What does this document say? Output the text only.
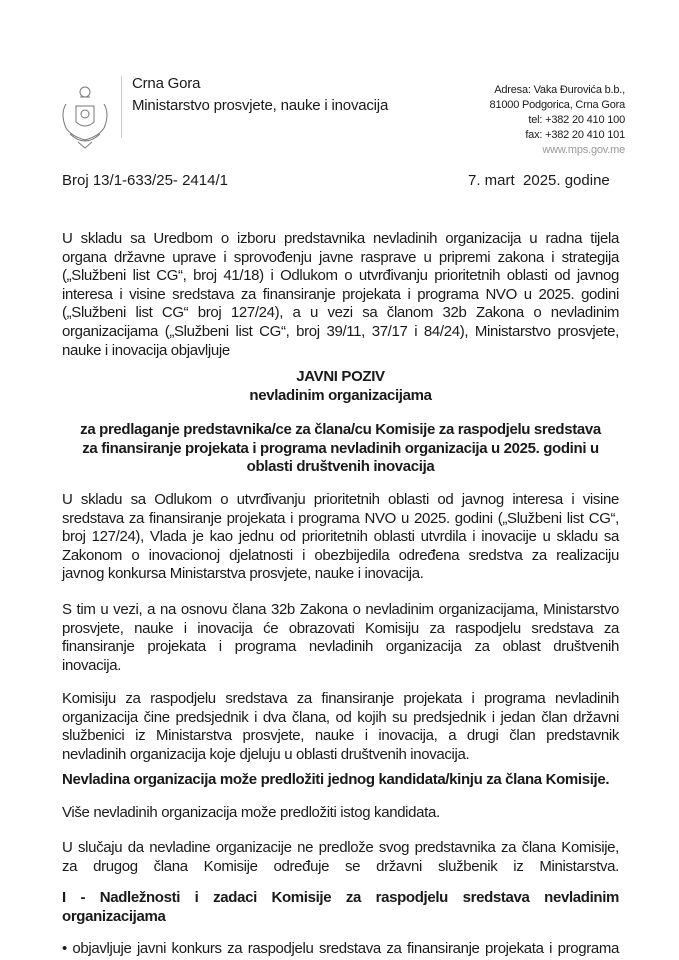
Crna Gora
Ministarstvo prosvjete, nauke i inovacija
Adresa: Vaka Đurovića b.b.,
81000 Podgorica, Crna Gora
tel: +382 20 410 100
fax: +382 20 410 101
www.mps.gov.me
Broj 13/1-633/25- 2414/1	7. mart  2025. godine
U skladu sa Uredbom o izboru predstavnika nevladinih organizacija u radna tijela
organa državne uprave i sprovođenju javne rasprave u pripremi zakona i strategija
(„Službeni list CG“, broj 41/18) i Odlukom o utvrđivanju prioritetnih oblasti od javnog
interesa i visine sredstava za finansiranje projekata i programa NVO u 2025. godini
(„Službeni list CG“ broj 127/24), a u vezi sa članom 32b Zakona o nevladinim
organizacijama („Službeni list CG“, broj 39/11, 37/17 i 84/24), Ministarstvo prosvjete,
nauke i inovacija objavljuje
JAVNI POZIV
nevladinim organizacijama
za predlaganje predstavnika/ce za člana/cu Komisije za raspodjelu sredstava
za finansiranje projekata i programa nevladinih organizacija u 2025. godini u
oblasti društvenih inovacija
U skladu sa Odlukom o utvrđivanju prioritetnih oblasti od javnog interesa i visine
sredstava za finansiranje projekata i programa NVO u 2025. godini („Službeni list CG“,
broj 127/24), Vlada je kao jednu od prioritetnih oblasti utvrdila i inovacije u skladu sa
Zakonom o inovacionoj djelatnosti i obezbijedila određena sredstva za realizaciju
javnog konkursa Ministarstva prosvjete, nauke i inovacija.
S tim u vezi, a na osnovu člana 32b Zakona o nevladinim organizacijama, Ministarstvo
prosvjete, nauke i inovacija će obrazovati Komisiju za raspodjelu sredstava za
finansiranje projekata i programa nevladinih organizacija za oblast društvenih
inovacija.
Komisiju za raspodjelu sredstava za finansiranje projekata i programa nevladinih
organizacija čine predsjednik i dva člana, od kojih su predsjednik i jedan član državni
službenici iz Ministarstva prosvjete, nauke i inovacija, a drugi član predstavnik
nevladinih organizacija koje djeluju u oblasti društvenih inovacija.
Nevladina organizacija može predložiti jednog kandidata/kinju za člana Komisije.
Više nevladinih organizacija može predložiti istog kandidata.
U slučaju da nevladine organizacije ne predlože svog predstavnika za člana Komisije,
za drugog člana Komisije određuje se državni službenik iz Ministarstva.
I - Nadležnosti i zadaci Komisije za raspodjelu sredstava nevladinim
organizacijama
• objavljuje javni konkurs za raspodjelu sredstava za finansiranje projekata i programa
